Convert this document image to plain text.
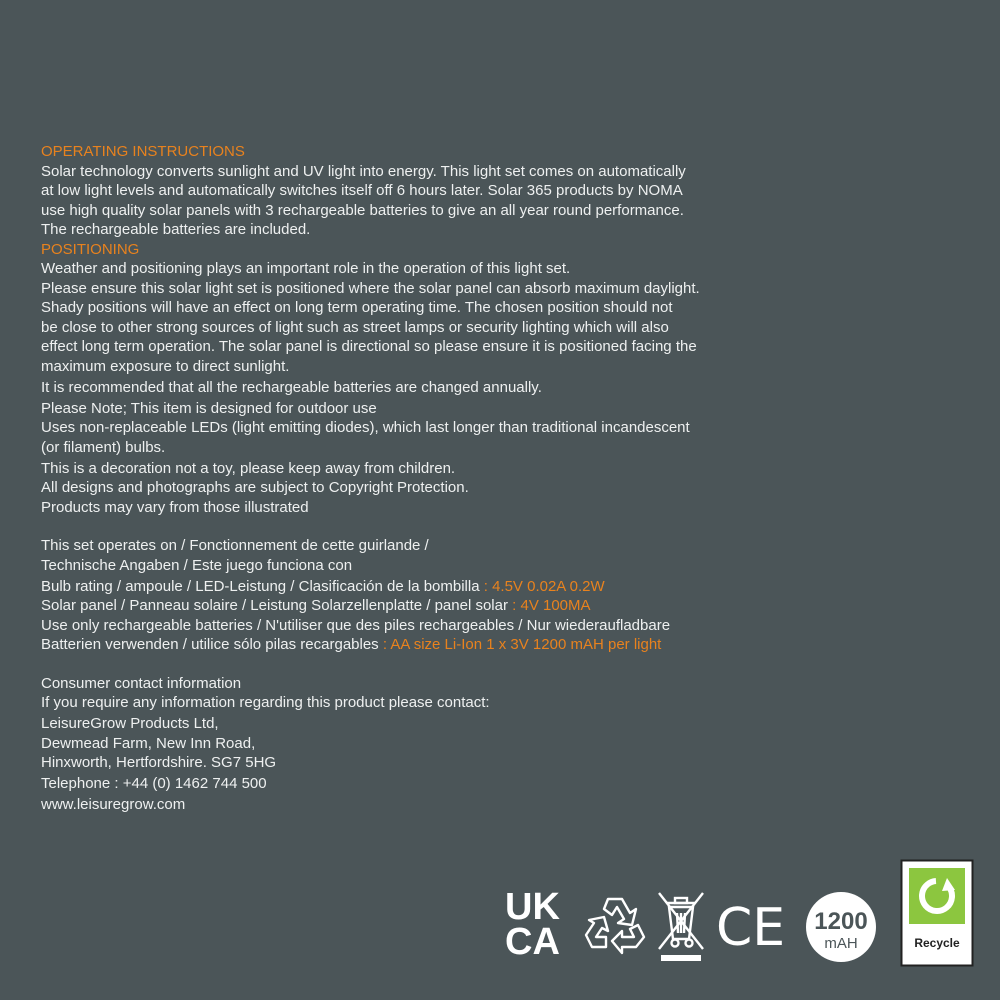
OPERATING INSTRUCTIONS
Solar technology converts sunlight and UV light into energy. This light set comes on automatically
at low light levels and automatically switches itself off 6 hours later. Solar 365 products by NOMA
use high quality solar panels with 3 rechargeable batteries to give an all year round performance.
The rechargeable batteries are included.
POSITIONING
Weather and positioning plays an important role in the operation of this light set.
Please ensure this solar light set is positioned where the solar panel can absorb maximum daylight.
Shady positions will have an effect on long term operating time. The chosen position should not
be close to other strong sources of light such as street lamps or security lighting which will also
effect long term operation. The solar panel is directional so please ensure it is positioned facing the
maximum exposure to direct sunlight.
It is recommended that all the rechargeable batteries are changed annually.
Please Note; This item is designed for outdoor use
Uses non-replaceable LEDs (light emitting diodes), which last longer than traditional incandescent
(or filament) bulbs.
This is a decoration not a toy, please keep away from children.
All designs and photographs are subject to Copyright Protection.
Products may vary from those illustrated
This set operates on / Fonctionnement de cette guirlande /
Technische Angaben / Este juego funciona con
Bulb rating / ampoule / LED-Leistung / Clasificación de la bombilla : 4.5V 0.02A 0.2W
Solar panel / Panneau solaire / Leistung Solarzellenplatte / panel solar : 4V 100MA
Use only rechargeable batteries / N'utiliser que des piles rechargeables / Nur wiederaufladbare
Batterien verwenden / utilice sólo pilas recargables : AA size Li-Ion 1 x 3V 1200 mAH per light
Consumer contact information
If you require any information regarding this product please contact:
LeisureGrow Products Ltd,
Dewmead Farm, New Inn Road,
Hinxworth, Hertfordshire. SG7 5HG
Telephone : +44 (0) 1462 744 500
www.leisuregrow.com
UK
CA	CE 1200
mAH	Recycle
